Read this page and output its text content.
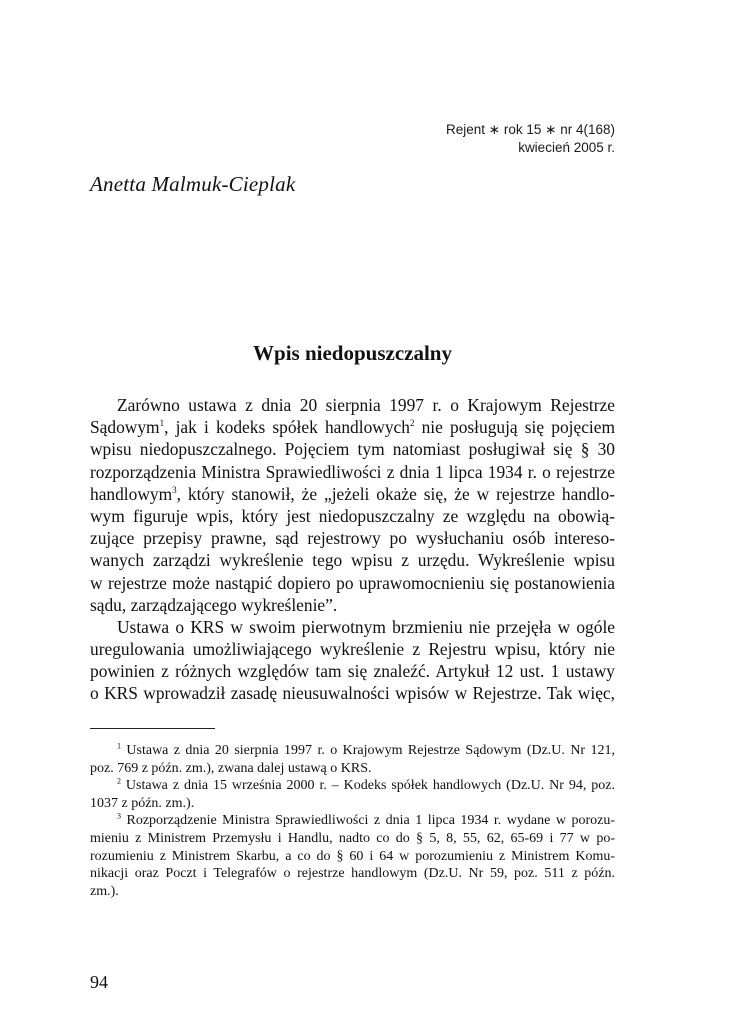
Rejent ∗ rok 15 ∗ nr 4(168)
kwiecień 2005 r.
Anetta Malmuk-Cieplak
Wpis niedopuszczalny
Zarówno ustawa z dnia 20 sierpnia 1997 r. o Krajowym Rejestrze
Sądowym$^1$, jak i kodeks spółek handlowych$^2$ nie posługują się pojęciem
wpisu niedopuszczalnego. Pojęciem tym natomiast posługiwał się § 30
rozporządzenia Ministra Sprawiedliwości z dnia 1 lipca 1934 r. o rejestrze
handlowym$^3$, który stanowił, że „jeżeli okaże się, że w rejestrze handlo-
wym figuruje wpis, który jest niedopuszczalny ze względu na obowią-
zujące przepisy prawne, sąd rejestrowy po wysłuchaniu osób intereso-
wanych zarządzi wykreślenie tego wpisu z urzędu. Wykreślenie wpisu
w rejestrze może nastąpić dopiero po uprawomocnieniu się postanowienia
sądu, zarządzającego wykreślenie”.
Ustawa o KRS w swoim pierwotnym brzmieniu nie przejęła w ogóle
uregulowania umożliwiającego wykreślenie z Rejestru wpisu, który nie
powinien z różnych względów tam się znaleźć. Artykuł 12 ust. 1 ustawy
o KRS wprowadził zasadę nieusuwalności wpisów w Rejestrze. Tak więc,
$^1$ Ustawa z dnia 20 sierpnia 1997 r. o Krajowym Rejestrze Sądowym (Dz.U. Nr 121,
poz. 769 z późn. zm.), zwana dalej ustawą o KRS.
$^2$ Ustawa z dnia 15 września 2000 r. – Kodeks spółek handlowych (Dz.U. Nr 94, poz.
1037 z późn. zm.).
$^3$ Rozporządzenie Ministra Sprawiedliwości z dnia 1 lipca 1934 r. wydane w porozu-
mieniu z Ministrem Przemysłu i Handlu, nadto co do § 5, 8, 55, 62, 65-69 i 77 w po-
rozumieniu z Ministrem Skarbu, a co do § 60 i 64 w porozumieniu z Ministrem Komu-
nikacji oraz Poczt i Telegrafów o rejestrze handlowym (Dz.U. Nr 59, poz. 511 z późn.
zm.).
94
